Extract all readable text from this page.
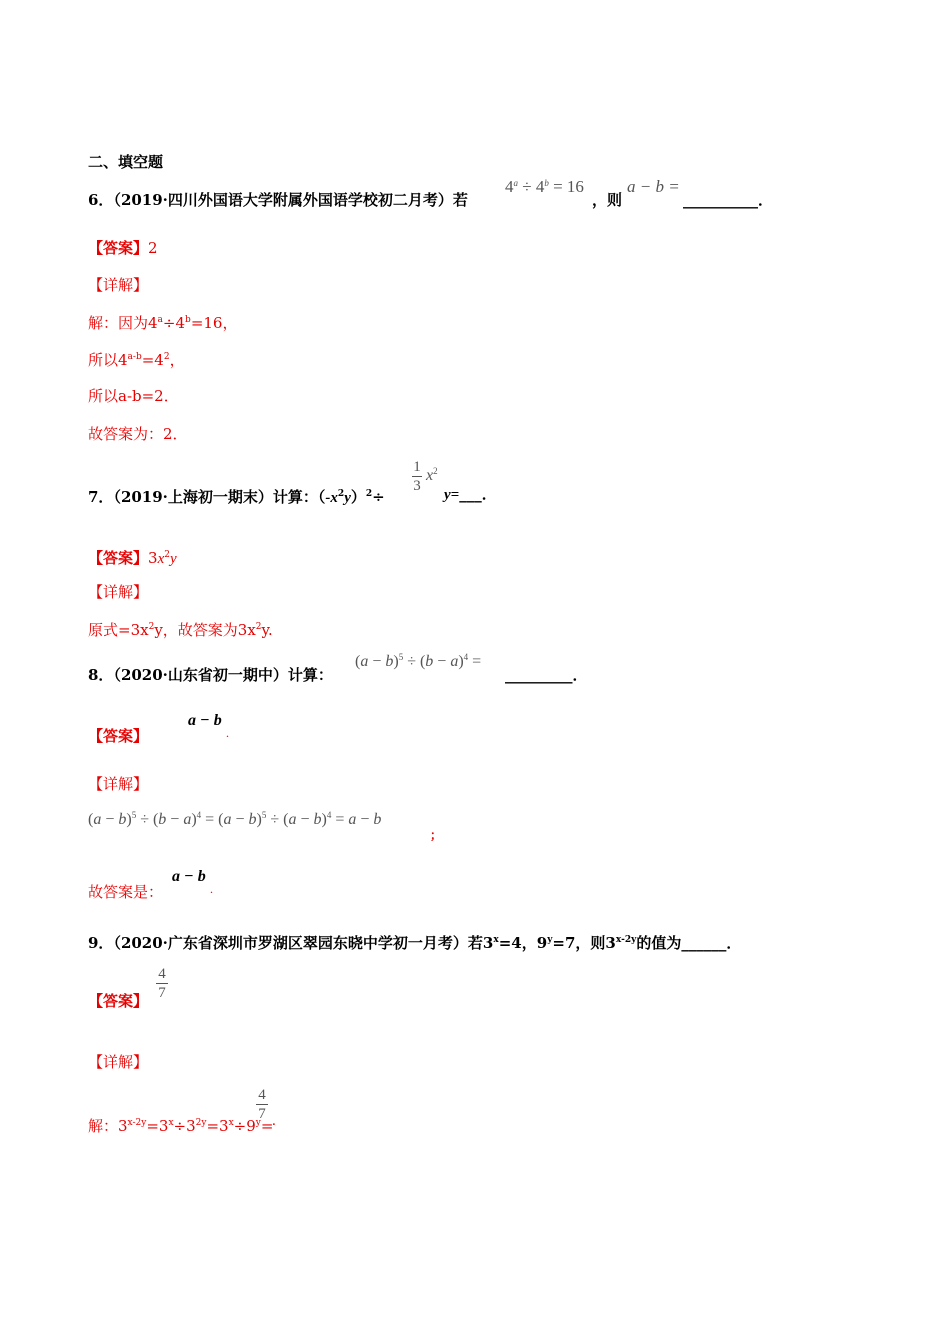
二、填空题
6．（2019·四川外国语大学附属外国语学校初二月考）若
$4^a \div 4^b = 16$
，则
a − b =
__________．
【答案】2
【详解】
解：因为$4^a\div 4^b=16$，
所以$4^{a-b}=4^2$，
所以a-b=2．
故答案为：2．
7．（2019·上海初一期末）计算：$(-x^2y)^2\div$
1
3
$x^2$
y=___．
【答案】$3x^2y$
【详解】
原式$=3x^2y$，故答案为$3x^2y$.
8．（2020·山东省初一期中）计算：
$(a - b)^5 \div (b - a)^4$ =
_________．
【答案】
a − b
.
【详解】
$(a - b)^5 \div (b - a)^4 = (a - b)^5 \div (a - b)^4 = a - b$
；
故答案是：
a − b
.
9．（2020·广东省深圳市罗湖区翠园东晓中学初一月考）若$3^x=4$，$9^y=7$，则$3^{x-2y}$的值为______．
【答案】
4
7
【详解】
解：$3^{x-2y}=3^x\div 3^{2y}=3^x\div 9^y=$
4
7 .
